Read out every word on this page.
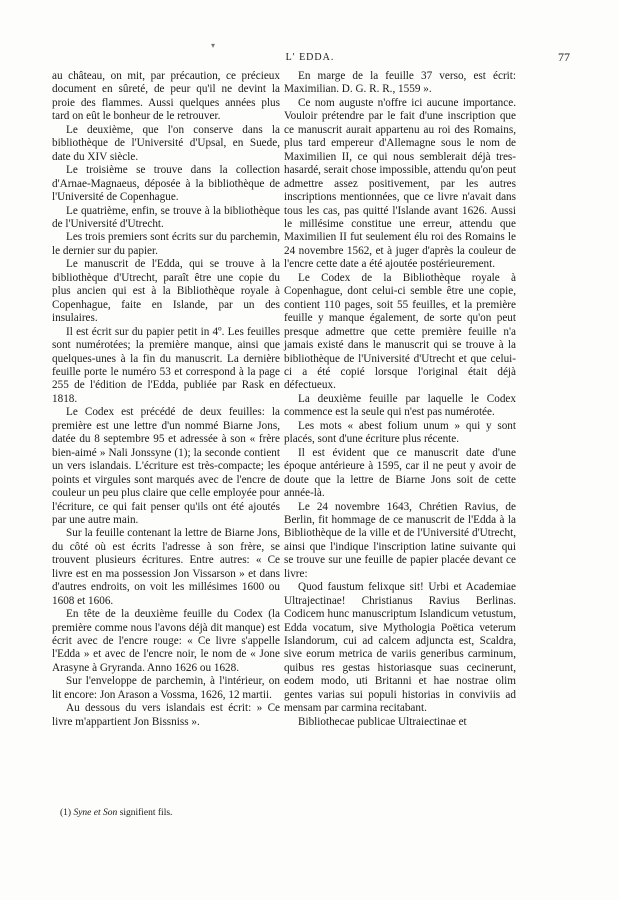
▾
L' EDDA.	77

au château, on mit, par précaution, ce précieux document en sûreté, de peur qu'il ne devint la proie des flammes. Aussi quelques années plus tard on eût le bonheur de le retrouver.

Le deuxième, que l'on conserve dans la bibliothèque de l'Université d'Upsal, en Suede, date du XIV siècle.

Le troisième se trouve dans la collection d'Arnae-Magnaeus, déposée à la bibliothèque de l'Université de Copenhague.

Le quatrième, enfin, se trouve à la bibliothèque de l'Université d'Utrecht.

Les trois premiers sont écrits sur du parchemin, le dernier sur du papier.

Le manuscrit de l'Edda, qui se trouve à la bibliothèque d'Utrecht, paraît être une copie du plus ancien qui est à la Bibliothèque royale à Copenhague, faite en Islande, par un des insulaires.

Il est écrit sur du papier petit in 4º. Les feuilles sont numérotées; la première manque, ainsi que quelques-unes à la fin du manuscrit. La dernière feuille porte le numéro 53 et correspond à la page 255 de l'édition de l'Edda, publiée par Rask en 1818.

Le Codex est précédé de deux feuilles: la première est une lettre d'un nommé Biarne Jons, datée du 8 septembre 95 et adressée à son « frère bien-aimé » Nali Jonssyne (1); la seconde contient un vers islandais. L'écriture est très-compacte; les points et virgules sont marqués avec de l'encre de couleur un peu plus claire que celle employée pour l'écriture, ce qui fait penser qu'ils ont été ajoutés par une autre main.

Sur la feuille contenant la lettre de Biarne Jons, du côté où est écrits l'adresse à son frère, se trouvent plusieurs écritures. Entre autres: « Ce livre est en ma possession Jon Vissarson » et dans d'autres endroits, on voit les millésimes 1600 ou 1608 et 1606.

En tête de la deuxième feuille du Codex (la première comme nous l'avons déjà dit manque) est écrit avec de l'encre rouge: « Ce livre s'appelle l'Edda » et avec de l'encre noir, le nom de « Jone Arasyne à Gryranda. Anno 1626 ou 1628.

Sur l'enveloppe de parchemin, à l'intérieur, on lit encore: Jon Arason a Vossma, 1626, 12 martii.

Au dessous du vers islandais est écrit: » Ce livre m'appartient Jon Bissniss ».

En marge de la feuille 37 verso, est écrit: Maximilian. D. G. R. R., 1559 ».

Ce nom auguste n'offre ici aucune importance. Vouloir prétendre par le fait d'une inscription que ce manuscrit aurait appartenu au roi des Romains, plus tard empereur d'Allemagne sous le nom de Maximilien II, ce qui nous semblerait déjà tres-hasardé, serait chose impossible, attendu qu'on peut admettre assez positivement, par les autres inscriptions mentionnées, que ce livre n'avait dans tous les cas, pas quitté l'Islande avant 1626. Aussi le millésime constitue une erreur, attendu que Maximilien II fut seulement élu roi des Romains le 24 novembre 1562, et à juger d'après la couleur de l'encre cette date a été ajoutée postérieurement.

Le Codex de la Bibliothèque royale à Copenhague, dont celui-ci semble être une copie, contient 110 pages, soit 55 feuilles, et la première feuille y manque également, de sorte qu'on peut presque admettre que cette première feuille n'a jamais existé dans le manuscrit qui se trouve à la bibliothèque de l'Université d'Utrecht et que celui-ci a été copié lorsque l'original était déjà défectueux.

La deuxième feuille par laquelle le Codex commence est la seule qui n'est pas numérotée.

Les mots « abest folium unum » qui y sont placés, sont d'une écriture plus récente.

Il est évident que ce manuscrit date d'une époque antérieure à 1595, car il ne peut y avoir de doute que la lettre de Biarne Jons soit de cette année-là.

Le 24 novembre 1643, Chrétien Ravius, de Berlin, fit hommage de ce manuscrit de l'Edda à la Bibliothèque de la ville et de l'Université d'Utrecht, ainsi que l'indique l'inscription latine suivante qui se trouve sur une feuille de papier placée devant ce livre:

Quod faustum felixque sit! Urbi et Academiae Ultrajectinae! Christianus Ravius Berlinas. Codicem hunc manuscriptum Islandicum vetustum, Edda vocatum, sive Mythologia Poëtica veterum Islandorum, cui ad calcem adjuncta est, Scaldra, sive eorum metrica de variis generibus carminum, quibus res gestas historiasque suas cecinerunt, eodem modo, uti Britanni et hae nostrae olim gentes varias sui populi historias in conviviis ad mensam par carmina recitabant.

Bibliothecae publicae Ultraiectinae et

(1) Syne et Son signifient fils.
